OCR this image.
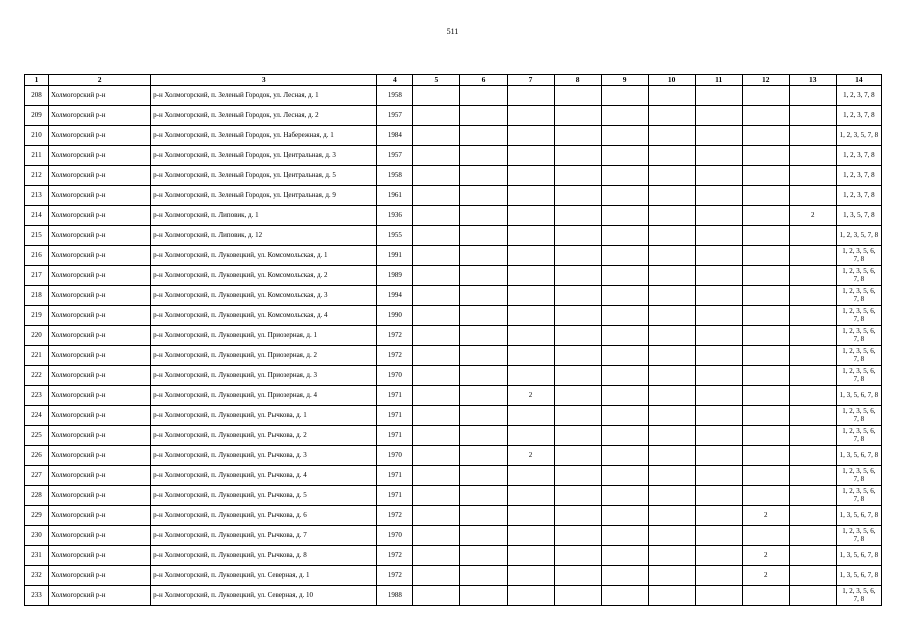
511
1	2	3	4	5	6	7	8	9	10	11	12	13	14
208	Холмогорский р-н	р-н Холмогорский, п. Зеленый Городок, ул. Лесная, д. 1	1958										1, 2, 3, 7, 8
209	Холмогорский р-н	р-н Холмогорский, п. Зеленый Городок, ул. Лесная, д. 2	1957										1, 2, 3, 7, 8
210	Холмогорский р-н	р-н Холмогорский, п. Зеленый Городок, ул. Набережная, д. 1	1984										1, 2, 3, 5, 7, 8
211	Холмогорский р-н	р-н Холмогорский, п. Зеленый Городок, ул. Центральная, д. 3	1957										1, 2, 3, 7, 8
212	Холмогорский р-н	р-н Холмогорский, п. Зеленый Городок, ул. Центральная, д. 5	1958										1, 2, 3, 7, 8
213	Холмогорский р-н	р-н Холмогорский, п. Зеленый Городок, ул. Центральная, д. 9	1961										1, 2, 3, 7, 8
214	Холмогорский р-н	р-н Холмогорский, п. Липовик, д. 1	1936									2	1, 3, 5, 7, 8
215	Холмогорский р-н	р-н Холмогорский, п. Липовик, д. 12	1955										1, 2, 3, 5, 7, 8
216	Холмогорский р-н	р-н Холмогорский, п. Луковецкий, ул. Комсомольская, д. 1	1991										1, 2, 3, 5, 6, 7, 8
217	Холмогорский р-н	р-н Холмогорский, п. Луковецкий, ул. Комсомольская, д. 2	1989										1, 2, 3, 5, 6, 7, 8
218	Холмогорский р-н	р-н Холмогорский, п. Луковецкий, ул. Комсомольская, д. 3	1994										1, 2, 3, 5, 6, 7, 8
219	Холмогорский р-н	р-н Холмогорский, п. Луковецкий, ул. Комсомольская, д. 4	1990										1, 2, 3, 5, 6, 7, 8
220	Холмогорский р-н	р-н Холмогорский, п. Луковецкий, ул. Приозерная, д. 1	1972										1, 2, 3, 5, 6, 7, 8
221	Холмогорский р-н	р-н Холмогорский, п. Луковецкий, ул. Приозерная, д. 2	1972										1, 2, 3, 5, 6, 7, 8
222	Холмогорский р-н	р-н Холмогорский, п. Луковецкий, ул. Приозерная, д. 3	1970										1, 2, 3, 5, 6, 7, 8
223	Холмогорский р-н	р-н Холмогорский, п. Луковецкий, ул. Приозерная, д. 4	1971			2							1, 3, 5, 6, 7, 8
224	Холмогорский р-н	р-н Холмогорский, п. Луковецкий, ул. Рычкова, д. 1	1971										1, 2, 3, 5, 6, 7, 8
225	Холмогорский р-н	р-н Холмогорский, п. Луковецкий, ул. Рычкова, д. 2	1971										1, 2, 3, 5, 6, 7, 8
226	Холмогорский р-н	р-н Холмогорский, п. Луковецкий, ул. Рычкова, д. 3	1970			2							1, 3, 5, 6, 7, 8
227	Холмогорский р-н	р-н Холмогорский, п. Луковецкий, ул. Рычкова, д. 4	1971										1, 2, 3, 5, 6, 7, 8
228	Холмогорский р-н	р-н Холмогорский, п. Луковецкий, ул. Рычкова, д. 5	1971										1, 2, 3, 5, 6, 7, 8
229	Холмогорский р-н	р-н Холмогорский, п. Луковецкий, ул. Рычкова, д. 6	1972								2		1, 3, 5, 6, 7, 8
230	Холмогорский р-н	р-н Холмогорский, п. Луковецкий, ул. Рычкова, д. 7	1970										1, 2, 3, 5, 6, 7, 8
231	Холмогорский р-н	р-н Холмогорский, п. Луковецкий, ул. Рычкова, д. 8	1972								2		1, 3, 5, 6, 7, 8
232	Холмогорский р-н	р-н Холмогорский, п. Луковецкий, ул. Северная, д. 1	1972								2		1, 3, 5, 6, 7, 8
233	Холмогорский р-н	р-н Холмогорский, п. Луковецкий, ул. Северная, д. 10	1988										1, 2, 3, 5, 6, 7, 8
